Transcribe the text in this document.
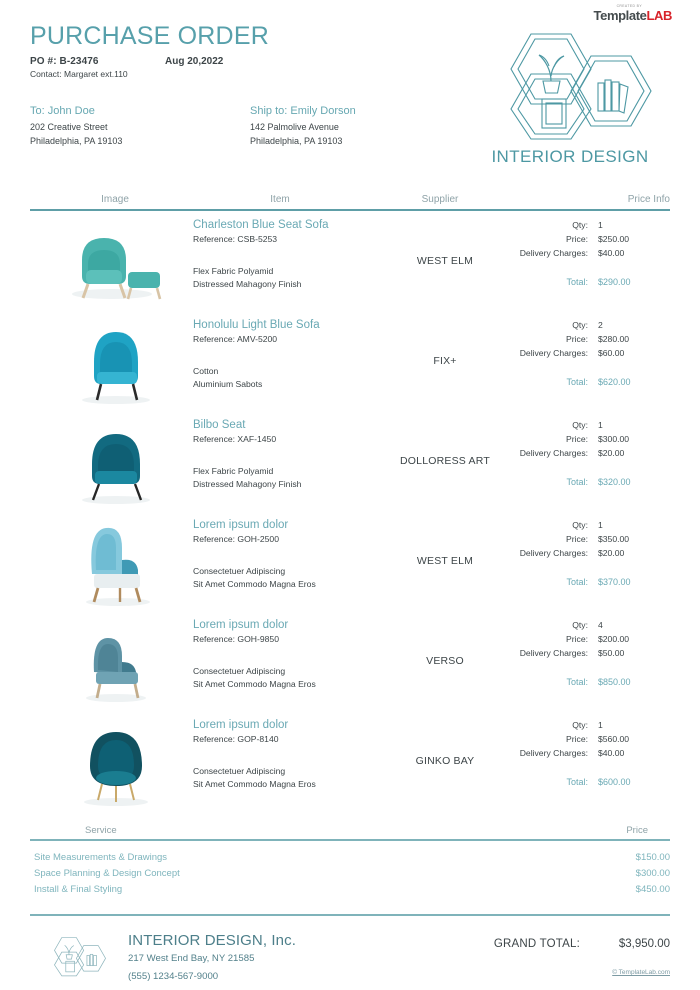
CREATED BY
TemplateLAB
PURCHASE ORDER
PO #: B-23476	Aug 20,2022
Contact: Margaret ext.110
To: John Doe
202 Creative Street
Philadelphia, PA 19103
Ship to: Emily Dorson
142 Palmolive Avenue
Philadelphia, PA 19103
INTERIOR DESIGN
Image	Item	Supplier	Price Info
Charleston Blue Seat Sofa
Reference: CSB-5253
Flex Fabric Polyamid
Distressed Mahagony Finish
WEST ELM
Qty:	1
Price:	$250.00
Delivery Charges:	$40.00
Total:	$290.00
Honolulu Light Blue Sofa
Reference: AMV-5200
Cotton
Aluminium Sabots
FIX+
Qty:	2
Price:	$280.00
Delivery Charges:	$60.00
Total:	$620.00
Bilbo Seat
Reference: XAF-1450
Flex Fabric Polyamid
Distressed Mahagony Finish
DOLLORESS ART
Qty:	1
Price:	$300.00
Delivery Charges:	$20.00
Total:	$320.00
Lorem ipsum dolor
Reference: GOH-2500
Consectetuer Adipiscing
Sit Amet Commodo Magna Eros
WEST ELM
Qty:	1
Price:	$350.00
Delivery Charges:	$20.00
Total:	$370.00
Lorem ipsum dolor
Reference: GOH-9850
Consectetuer Adipiscing
Sit Amet Commodo Magna Eros
VERSO
Qty:	4
Price:	$200.00
Delivery Charges:	$50.00
Total:	$850.00
Lorem ipsum dolor
Reference: GOP-8140
Consectetuer Adipiscing
Sit Amet Commodo Magna Eros
GINKO BAY
Qty:	1
Price:	$560.00
Delivery Charges:	$40.00
Total:	$600.00
Service	Price
Site Measurements & Drawings	$150.00
Space Planning & Design Concept	$300.00
Install & Final Styling	$450.00
INTERIOR DESIGN, Inc.
217 West End Bay, NY 21585
(555) 1234-567-9000
GRAND TOTAL:	$3,950.00
© TemplateLab.com
